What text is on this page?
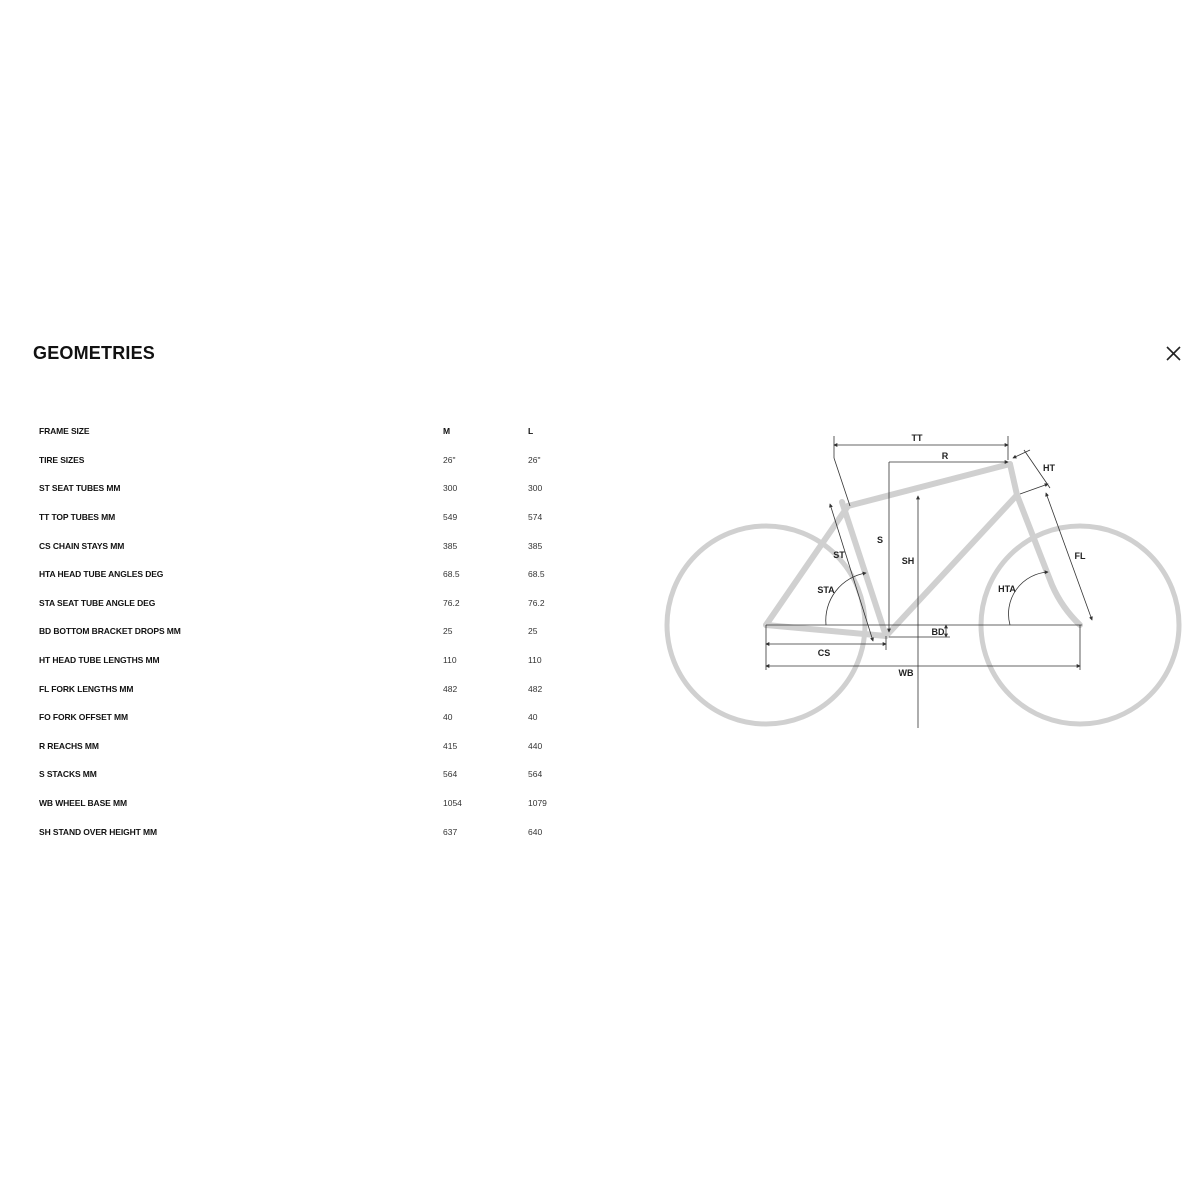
GEOMETRIES
FRAME SIZE	M	L
TIRE SIZES	26"	26"
ST SEAT TUBES MM	300	300
TT TOP TUBES MM	549	574
CS CHAIN STAYS MM	385	385
HTA HEAD TUBE ANGLES DEG	68.5	68.5
STA SEAT TUBE ANGLE DEG	76.2	76.2
BD BOTTOM BRACKET DROPS MM	25	25
HT HEAD TUBE LENGTHS MM	110	110
FL FORK LENGTHS MM	482	482
FO FORK OFFSET MM	40	40
R REACHS MM	415	440
S STACKS MM	564	564
WB WHEEL BASE MM	1054	1079
SH STAND OVER HEIGHT MM	637	640
TT
R
HT
S
SH
ST
STA
FL
HTA
BD
CS
WB
